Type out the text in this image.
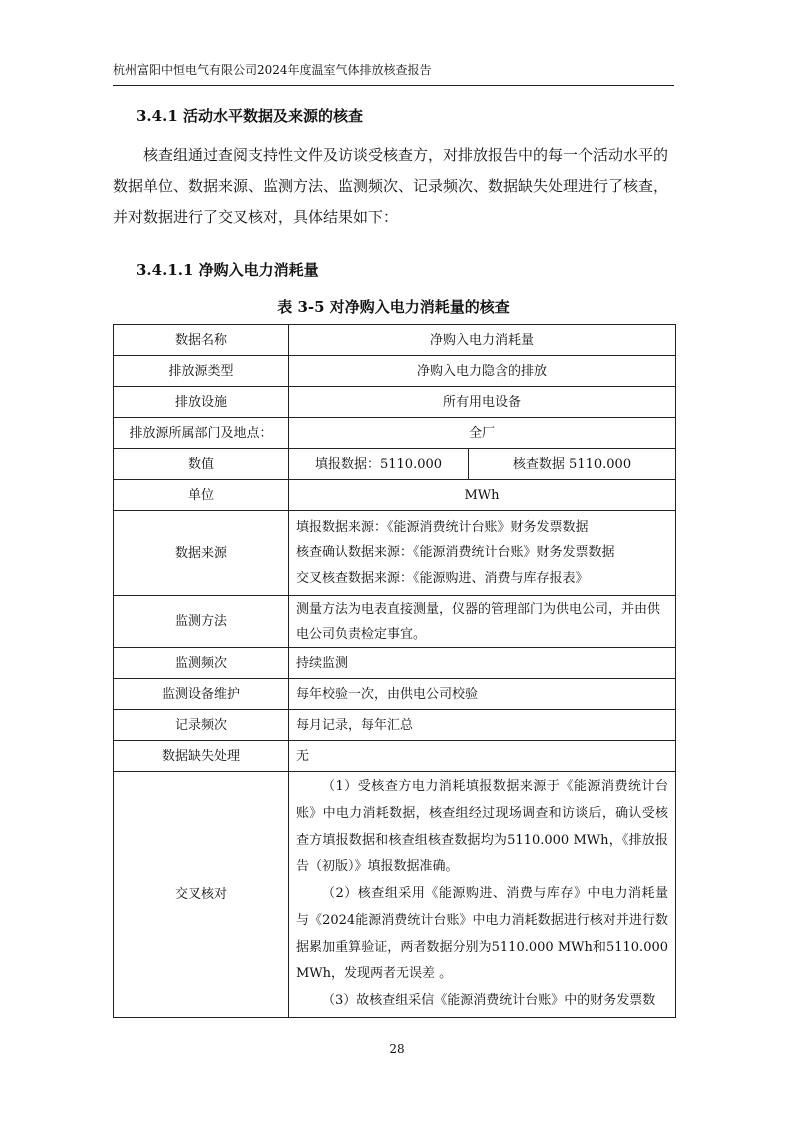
杭州富阳中恒电气有限公司2024年度温室气体排放核查报告
3.4.1 活动水平数据及来源的核查

核查组通过查阅支持性文件及访谈受核查方，对排放报告中的每一个活动水平的数据单位、数据来源、监测方法、监测频次、记录频次、数据缺失处理进行了核查，并对数据进行了交叉核对，具体结果如下：

3.4.1.1 净购入电力消耗量
表 3-5 对净购入电力消耗量的核查
数据名称	净购入电力消耗量	
排放源类型	净购入电力隐含的排放	
排放设施	所有用电设备	
排放源所属部门及地点：	全厂	
数值	填报数据：5110.000	核查数据 5110.000
单位	MWh	
数据来源	填报数据来源：《能源消费统计台账》财务发票数据
核查确认数据来源：《能源消费统计台账》财务发票数据
交叉核查数据来源：《能源购进、消费与库存报表》	

监测方法	测量方法为电表直接测量，仪器的管理部门为供电公司，并由供电公司负责检定事宜。	
监测频次	持续监测	
监测设备维护	每年校验一次，由供电公司校验	
记录频次	每月记录，每年汇总	
数据缺失处理	无	
交叉核对	（1）受核查方电力消耗填报数据来源于《能源消费统计台账》中电力消耗数据，核查组经过现场调查和访谈后，确认受核查方填报数据和核查组核查数据均为5110.000 MWh，《排放报告（初版）》填报数据准确。

（2）核查组采用《能源购进、消费与库存》中电力消耗量与《2024能源消费统计台账》中电力消耗数据进行核对并进行数据累加重算验证，两者数据分别为5110.000 MWh和5110.000 MWh，发现两者无误差 。

（3）故核查组采信《能源消费统计台账》中的财务发票数	

28
